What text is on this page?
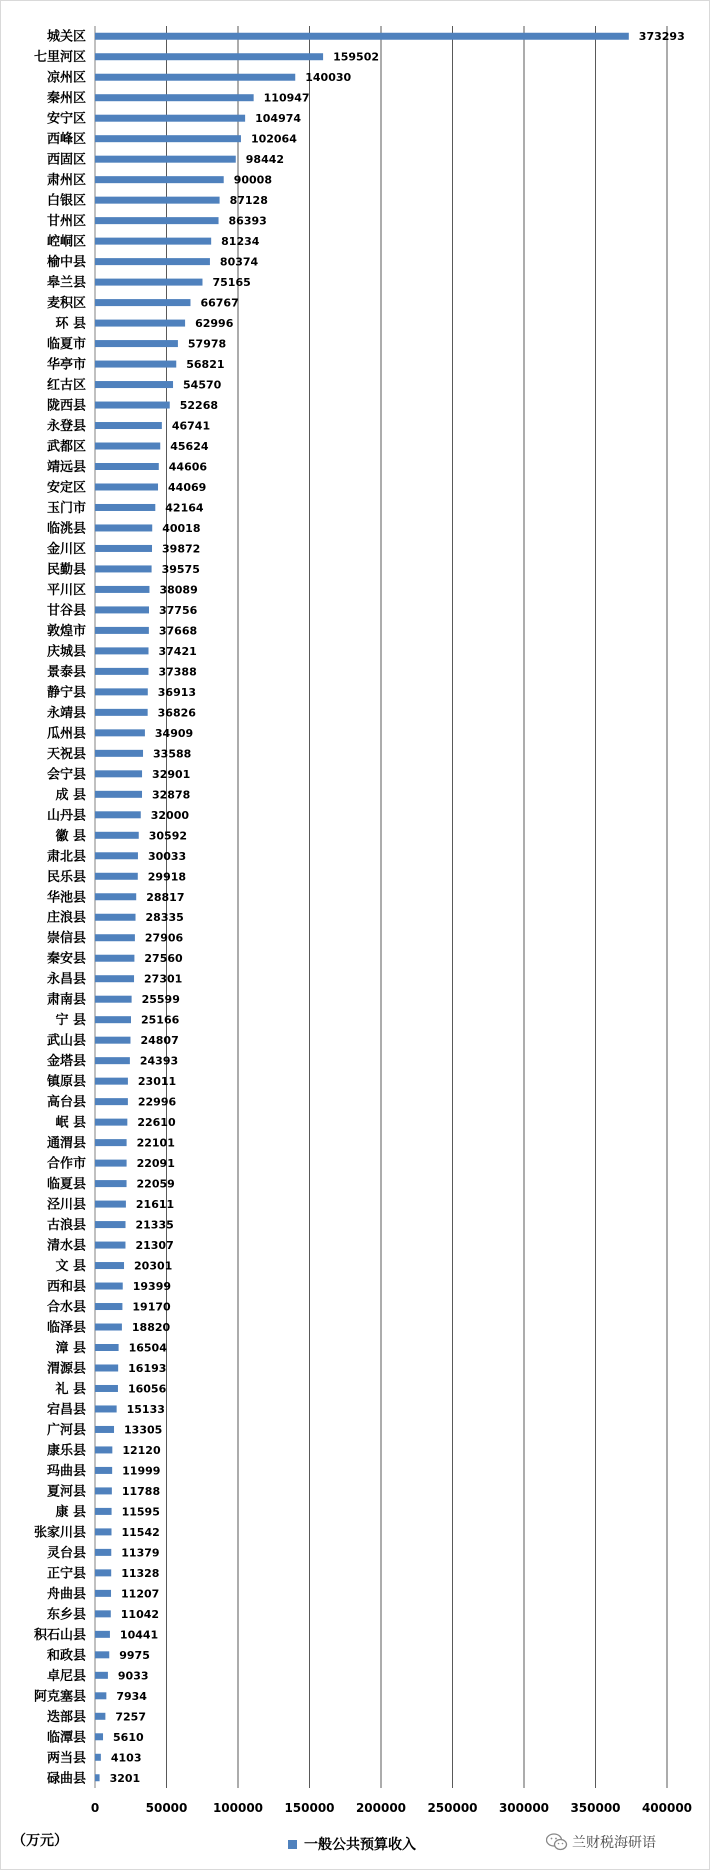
城关区	373293
七里河区	159502
凉州区	140030
秦州区	110947
安宁区	104974
西峰区	102064
西固区	98442
肃州区	90008
白银区	87128
甘州区	86393
崆峒区	81234
榆中县	80374
皋兰县	75165
麦积区	66767
环 县	62996
临夏市	57978
华亭市	56821
红古区	54570
陇西县	52268
永登县	46741
武都区	45624
靖远县	44606
安定区	44069
玉门市	42164
临洮县	40018
金川区	39872
民勤县	39575
平川区	38089
甘谷县	37756
敦煌市	37668
庆城县	37421
景泰县	37388
静宁县	36913
永靖县	36826
瓜州县	34909
天祝县	33588
会宁县	32901
成 县	32878
山丹县	32000
徽 县	30592
肃北县	30033
民乐县	29918
华池县	28817
庄浪县	28335
崇信县	27906
秦安县	27560
永昌县	27301
肃南县	25599
宁 县	25166
武山县	24807
金塔县	24393
镇原县	23011
高台县	22996
岷 县	22610
通渭县	22101
合作市	22091
临夏县	22059
泾川县	21611
古浪县	21335
清水县	21307
文 县	20301
西和县	19399
合水县	19170
临泽县	18820
漳 县	16504
渭源县	16193
礼 县	16056
宕昌县	15133
广河县	13305
康乐县	12120
玛曲县	11999
夏河县	11788
康 县	11595
张家川县	11542
灵台县	11379
正宁县	11328
舟曲县	11207
东乡县	11042
积石山县	10441
和政县	9975
卓尼县	9033
阿克塞县	7934
迭部县	7257
临潭县 5610
两当县 4103
碌曲县 3201
0	50000 100000 150000 200000 250000 300000 350000 400000
（万元）	一般公共预算收入	兰财税海研语
